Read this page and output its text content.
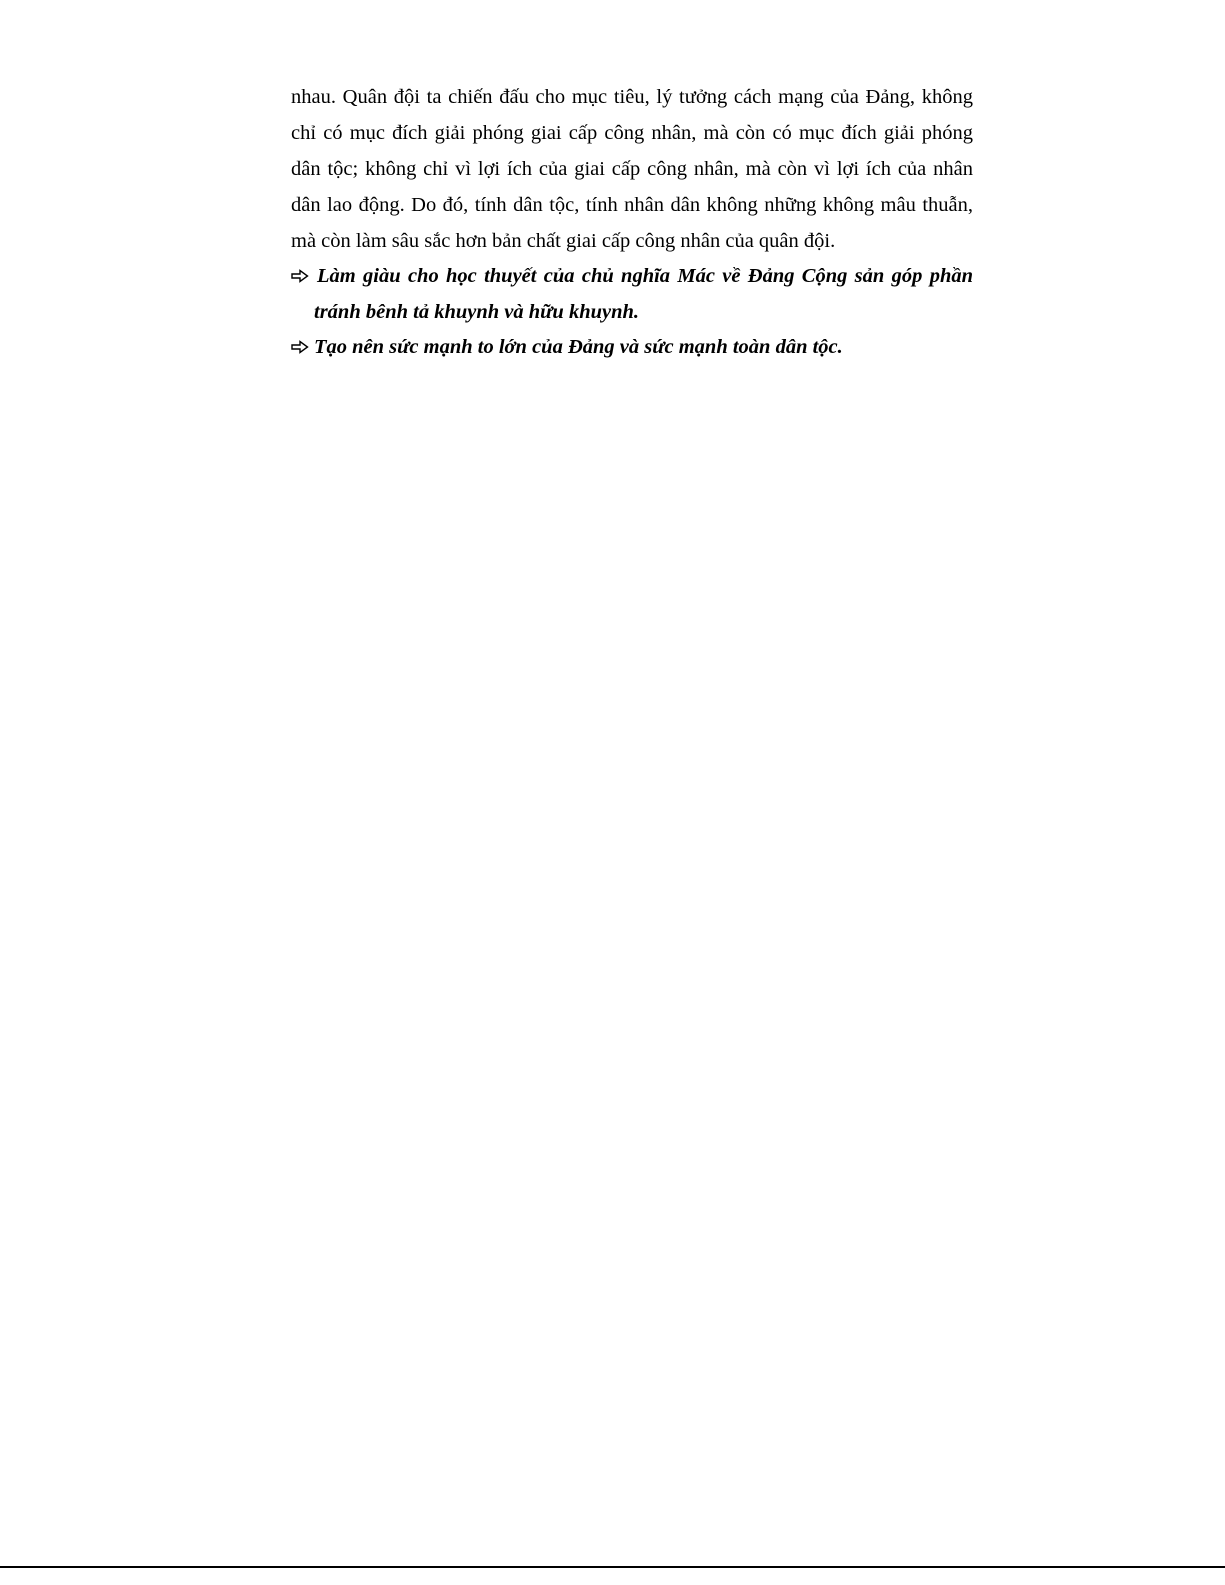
nhau. Quân đội ta chiến đấu cho mục tiêu, lý tưởng cách mạng của Đảng, không chỉ có mục đích giải phóng giai cấp công nhân, mà còn có mục đích giải phóng dân tộc; không chỉ vì lợi ích của giai cấp công nhân, mà còn vì lợi ích của nhân dân lao động. Do đó, tính dân tộc, tính nhân dân không những không mâu thuẫn, mà còn làm sâu sắc hơn bản chất giai cấp công nhân của quân đội.

Làm giàu cho học thuyết của chủ nghĩa Mác về Đảng Cộng sản góp phần tránh bênh tả khuynh và hữu khuynh.
Tạo nên sức mạnh to lớn của Đảng và sức mạnh toàn dân tộc.
